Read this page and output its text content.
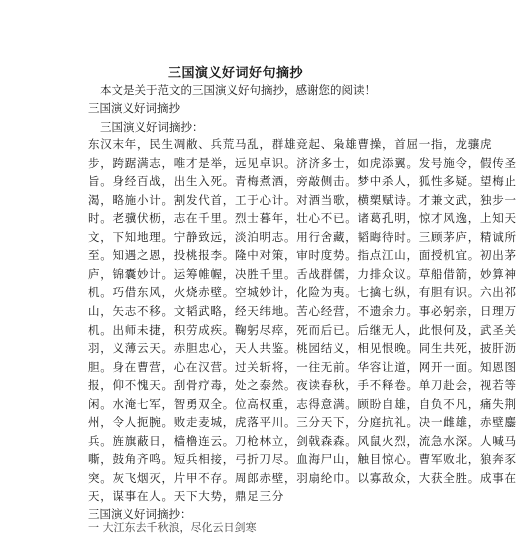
三国演义好词好句摘抄
本文是关于范文的三国演义好句摘抄，感谢您的阅读！
三国演义好词摘抄
三国演义好词摘抄：
东汉末年，民生凋敝、兵荒马乱，群雄竞起、枭雄曹操，首屈一指，龙骧虎
步，跨踞满志，唯才是举，远见卓识。济济多士，如虎添翼。发号施令，假传圣
旨。身经百战，出生入死。青梅煮酒，旁敲侧击。梦中杀人，狐性多疑。望梅止
渴，略施小计。割发代首，工于心计。对酒当歌，横槊赋诗。才兼文武，独步一
时。老骥伏枥，志在千里。烈士暮年，壮心不已。诸葛孔明，惊才风逸，上知天
文，下知地理。宁静致远，淡泊明志。用行舍藏，韬晦待时。三顾茅庐，精诚所
至。知遇之恩，投桃报李。隆中对策，审时度势。指点江山，面授机宜。初出茅
庐，锦囊妙计。运筹帷幄，决胜千里。舌战群儒，力排众议。草船借箭，妙算神
机。巧借东风，火烧赤壁。空城妙计，化险为夷。七擒七纵，有胆有识。六出祁
山，矢志不移。文韬武略，经天纬地。苦心经营，不遗余力。事必躬亲，日理万
机。出师未捷，积劳成疾。鞠躬尽瘁，死而后已。后继无人，此恨何及，武圣关
羽，义薄云天。赤胆忠心，天人共鉴。桃园结义，相见恨晚。同生共死，披肝沥
胆。身在曹营，心在汉营。过关斩将，一往无前。华容让道，网开一面。知恩图
报，仰不愧天。刮骨疗毒，处之泰然。夜读春秋，手不释卷。单刀赴会，视若等
闲。水淹七军，智勇双全。位高权重，志得意满。顾盼自雄，自负不凡，痛失荆
州，令人扼腕。败走麦城，虎落平川。三分天下，分庭抗礼。决一雌雄，赤壁鏖
兵。旌旗蔽日，樯橹连云。刀枪林立，剑戟森森。风鼠火烈，流急水深。人喊马
嘶，鼓角齐鸣。短兵相接，弓折刀尽。血海尸山，触目惊心。曹军败北，狼奔豕
突。灰飞烟灭，片甲不存。周郎赤壁，羽扇纶巾。以寡敌众，大获全胜。成事在
天，谋事在人。天下大势，鼎足三分
三国演义好词摘抄：
一 大江东去千秋浪，尽化云日剑寒
